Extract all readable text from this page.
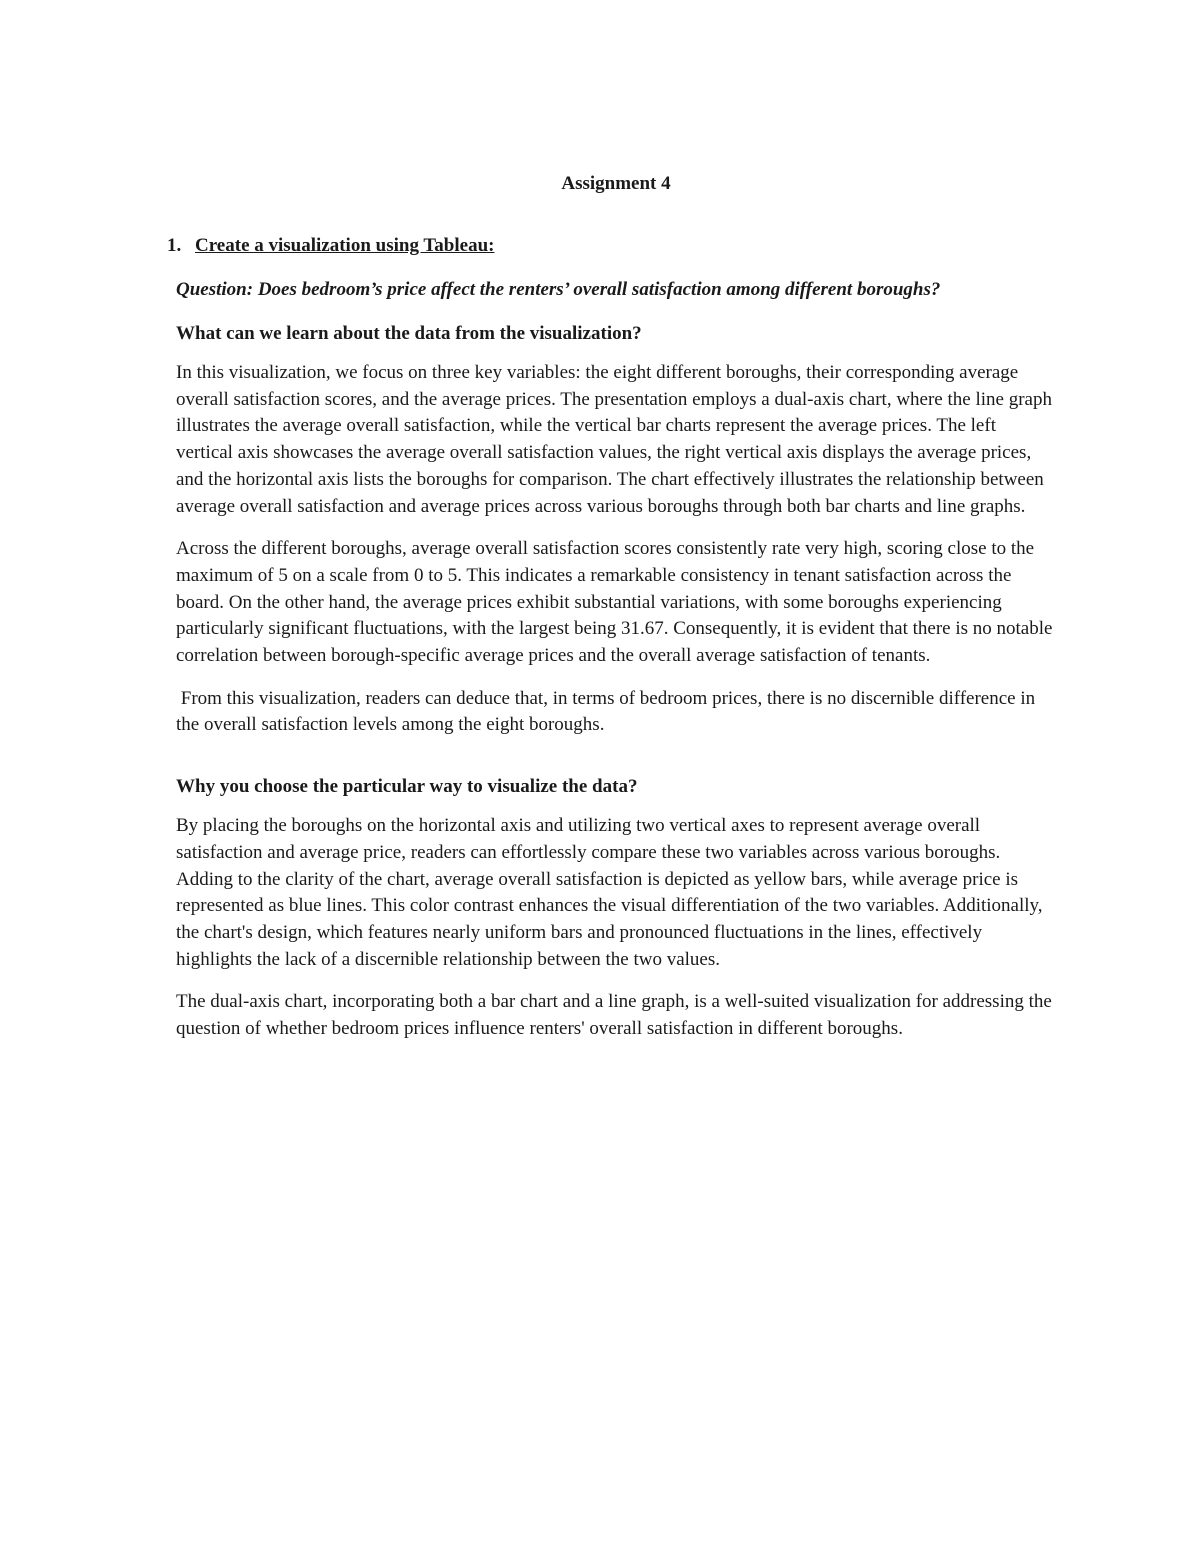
Assignment 4
1. Create a visualization using Tableau:
Question: Does bedroom’s price affect the renters’ overall satisfaction among different boroughs?
What can we learn about the data from the visualization?

In this visualization, we focus on three key variables: the eight different boroughs, their corresponding average overall satisfaction scores, and the average prices. The presentation employs a dual-axis chart, where the line graph illustrates the average overall satisfaction, while the vertical bar charts represent the average prices. The left vertical axis showcases the average overall satisfaction values, the right vertical axis displays the average prices, and the horizontal axis lists the boroughs for comparison. The chart effectively illustrates the relationship between average overall satisfaction and average prices across various boroughs through both bar charts and line graphs.

Across the different boroughs, average overall satisfaction scores consistently rate very high, scoring close to the maximum of 5 on a scale from 0 to 5. This indicates a remarkable consistency in tenant satisfaction across the board. On the other hand, the average prices exhibit substantial variations, with some boroughs experiencing particularly significant fluctuations, with the largest being 31.67. Consequently, it is evident that there is no notable correlation between borough-specific average prices and the overall average satisfaction of tenants.

From this visualization, readers can deduce that, in terms of bedroom prices, there is no discernible difference in the overall satisfaction levels among the eight boroughs.

Why you choose the particular way to visualize the data?

By placing the boroughs on the horizontal axis and utilizing two vertical axes to represent average overall satisfaction and average price, readers can effortlessly compare these two variables across various boroughs. Adding to the clarity of the chart, average overall satisfaction is depicted as yellow bars, while average price is represented as blue lines. This color contrast enhances the visual differentiation of the two variables. Additionally, the chart's design, which features nearly uniform bars and pronounced fluctuations in the lines, effectively highlights the lack of a discernible relationship between the two values.

The dual-axis chart, incorporating both a bar chart and a line graph, is a well-suited visualization for addressing the question of whether bedroom prices influence renters' overall satisfaction in different boroughs.
